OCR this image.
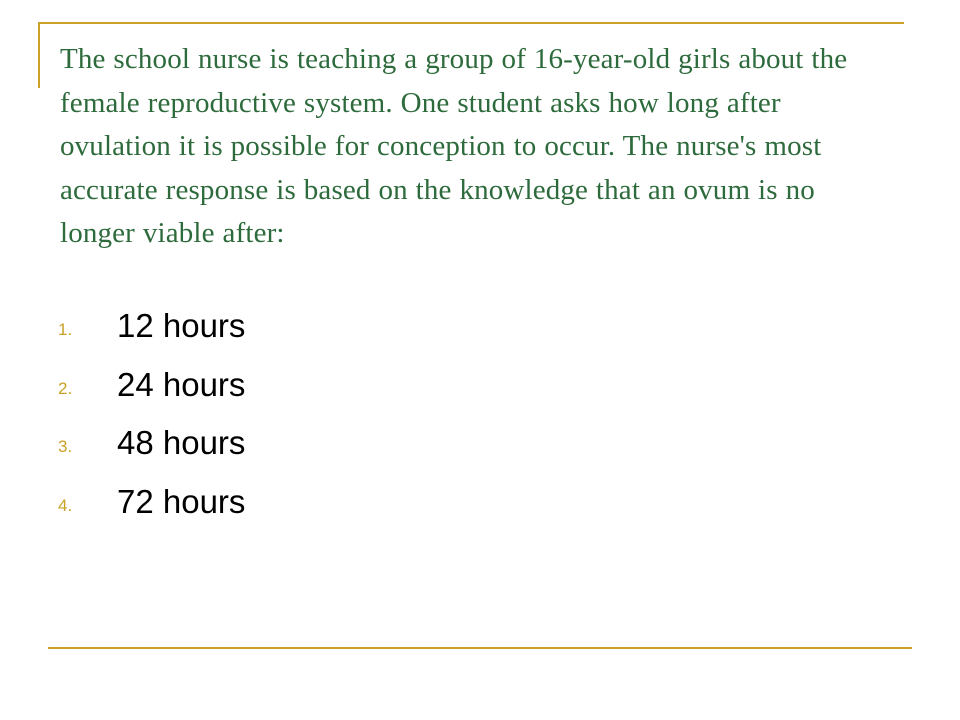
The school nurse is teaching a group of 16-year-old girls about the female reproductive system. One student asks how long after ovulation it is possible for conception to occur. The nurse's most accurate response is based on the knowledge that an ovum is no longer viable after:

1. 12 hours
2. 24 hours
3. 48 hours
4. 72 hours
